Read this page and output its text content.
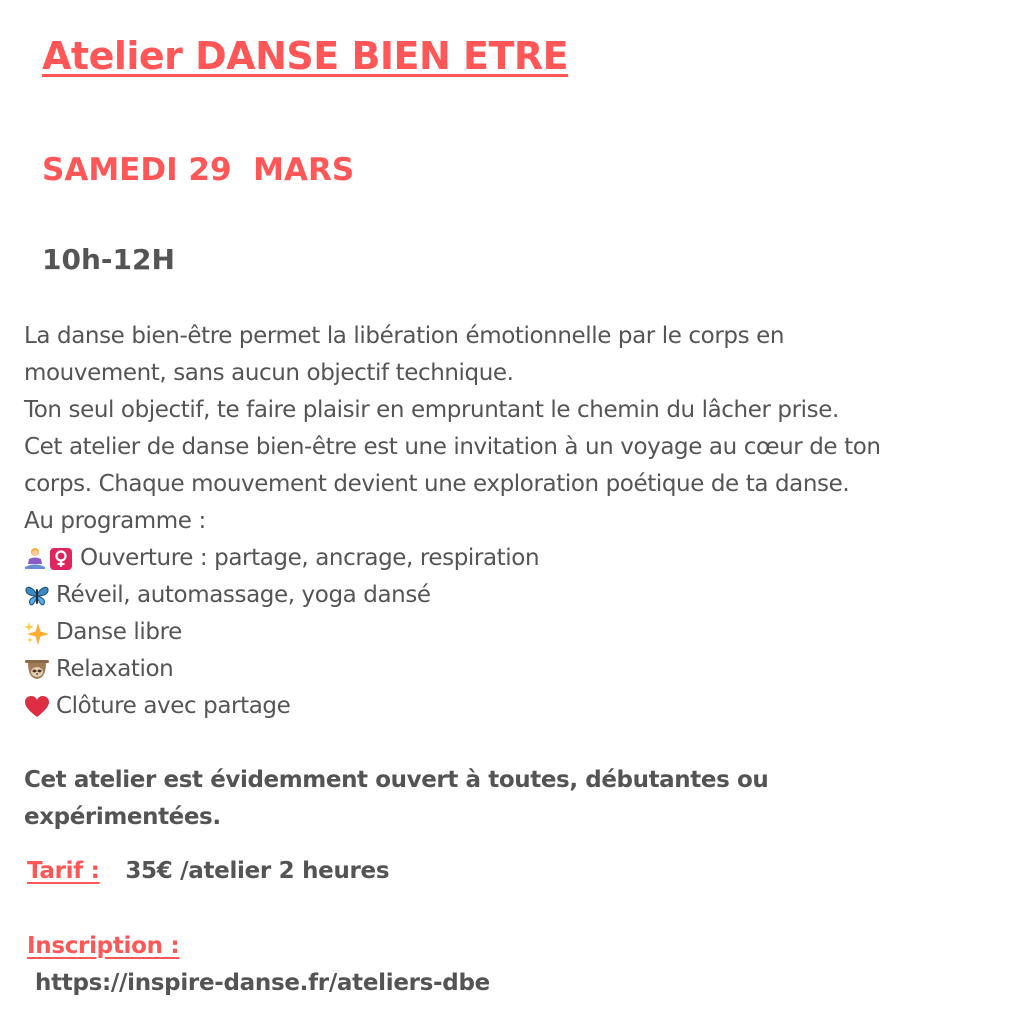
Atelier DANSE BIEN ETRE
SAMEDI 29  MARS
10h-12H
La danse bien-être permet la libération émotionnelle par le corps en
mouvement, sans aucun objectif technique.
Ton seul objectif, te faire plaisir en empruntant le chemin du lâcher prise.
Cet atelier de danse bien-être est une invitation à un voyage au cœur de ton
corps. Chaque mouvement devient une exploration poétique de ta danse.
Au programme :
Ouverture : partage, ancrage, respiration
Réveil, automassage, yoga dansé
Danse libre
Relaxation
Clôture avec partage
Cet atelier est évidemment ouvert à toutes, débutantes ou
expérimentées.
Tarif : 35€ /atelier 2 heures
Inscription :
https://inspire-danse.fr/ateliers-dbe
